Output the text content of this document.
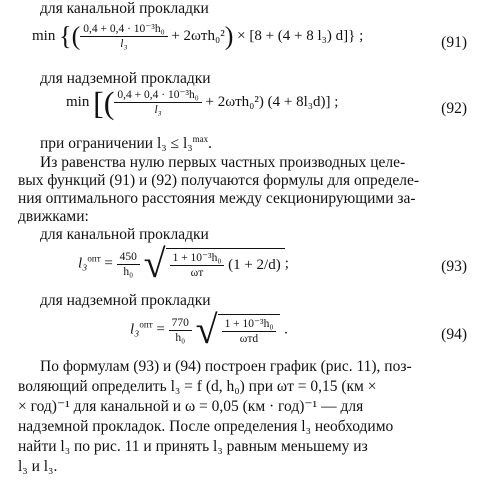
для канальной прокладки
min {( $\frac{\text{0,4 + 0,4 · 10⁻³h₀}}{\text{l₃}} + 2\omega тh_0^2) \times [8 + (4 + 8$ l₃) d]} ;	(91)
для надземной прокладки
min [( $\frac{\text{0,4 + 0,4 · 10⁻³h₀}}{\text{l₃}} + 2\omega тh_0^2$) (4 + 8l₃d)] ;	(92)
при ограничении l₃ ≤ l₃$^{max}$.
Из равенства нулю первых частных производных целе-
вых функций (91) и (92) получаются формулы для определе-
ния оптимального расстояния между секционирующими за-
движками:
для канальной прокладки
$l_3^{опт} = \frac{450}{\text{h₀}}$ √ $\frac{\text{1 + 10⁻³h₀}}{\omega т} (1 + 2/d)$ ;	(93)
для надземной прокладки
$l_3^{опт} = \frac{770}{\text{h₀}}$ √ $\frac{\text{1 + 10⁻³h₀}}{\text{ωтd}}$ .	(94)
По формулам (93) и (94) построен график (рис. 11), поз-
воляющий определить l₃ = f (d, h₀) при ωт = 0,15 (км ×
× год)⁻¹ для канальной и ω = 0,05 (км · год)⁻¹ — для
надземной прокладок. После определения l₃ необходимо
найти l₃ по рис. 11 и принять l₃ равным меньшему из
l₃ и l₃.
